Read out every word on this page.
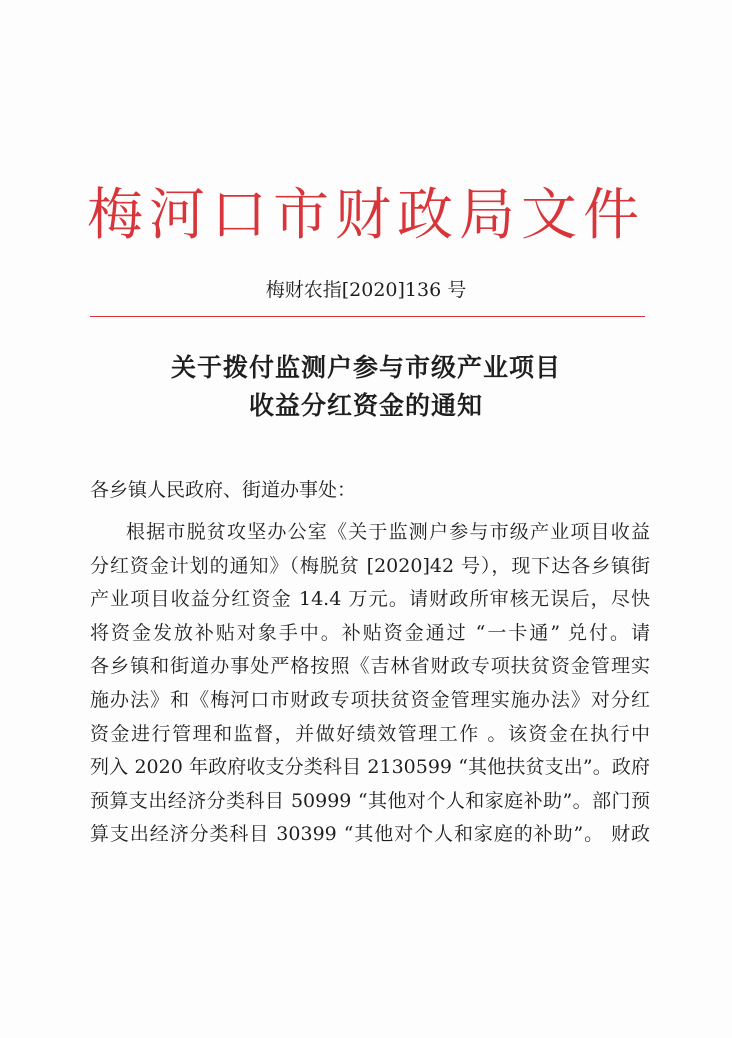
梅河口市财政局文件
梅财农指[2020]136 号
关于拨付监测户参与市级产业项目
收益分红资金的通知
各乡镇人民政府、街道办事处：
根据市脱贫攻坚办公室《关于监测户参与市级产业项目收益
分红资金计划的通知》（梅脱贫 [2020]42 号），现下达各乡镇街
产业项目收益分红资金 14.4 万元。请财政所审核无误后，尽快
将资金发放补贴对象手中。补贴资金通过 “一卡通” 兑付。请
各乡镇和街道办事处严格按照《吉林省财政专项扶贫资金管理实
施办法》和《梅河口市财政专项扶贫资金管理实施办法》对分红
资金进行管理和监督，并做好绩效管理工作 。该资金在执行中
列入 2020 年政府收支分类科目 2130599 “其他扶贫支出”。政府
预算支出经济分类科目 50999 “其他对个人和家庭补助”。部门预
算支出经济分类科目 30399 “其他对个人和家庭的补助”。 财政
